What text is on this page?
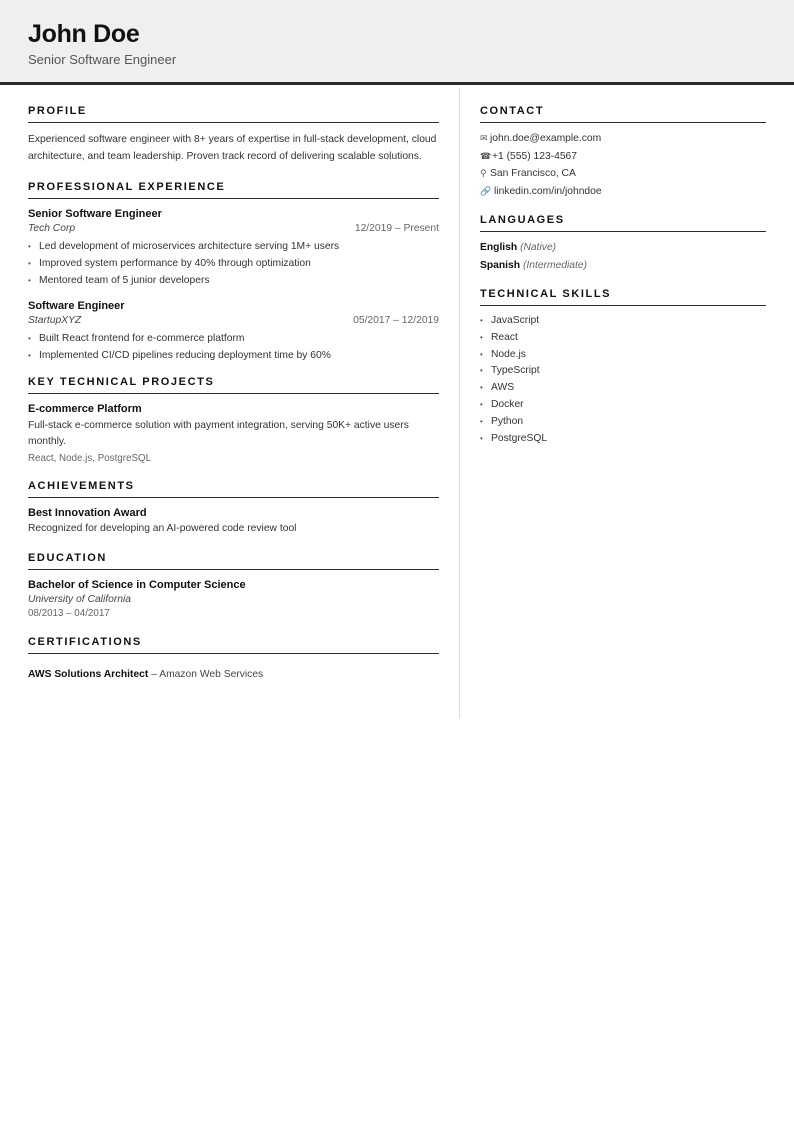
John Doe
Senior Software Engineer
PROFILE
Experienced software engineer with 8+ years of expertise in full-stack development, cloud architecture, and team leadership. Proven track record of delivering scalable solutions.
PROFESSIONAL EXPERIENCE
Senior Software Engineer
Tech Corp	12/2019 – Present
• Led development of microservices architecture serving 1M+ users
• Improved system performance by 40% through optimization
• Mentored team of 5 junior developers
Software Engineer
StartupXYZ	05/2017 – 12/2019
• Built React frontend for e-commerce platform
• Implemented CI/CD pipelines reducing deployment time by 60%
KEY TECHNICAL PROJECTS
E-commerce Platform
Full-stack e-commerce solution with payment integration, serving 50K+ active users monthly.
React, Node.js, PostgreSQL
ACHIEVEMENTS
Best Innovation Award
Recognized for developing an AI-powered code review tool
EDUCATION
Bachelor of Science in Computer Science
University of California
08/2013 – 04/2017
CERTIFICATIONS
AWS Solutions Architect – Amazon Web Services
CONTACT
✉ john.doe@example.com
☎ +1 (555) 123-4567
⚲ San Francisco, CA
🔗 linkedin.com/in/johndoe
LANGUAGES
English (Native)
Spanish (Intermediate)
TECHNICAL SKILLS
• JavaScript
• React
• Node.js
• TypeScript
• AWS
• Docker
• Python
• PostgreSQL
